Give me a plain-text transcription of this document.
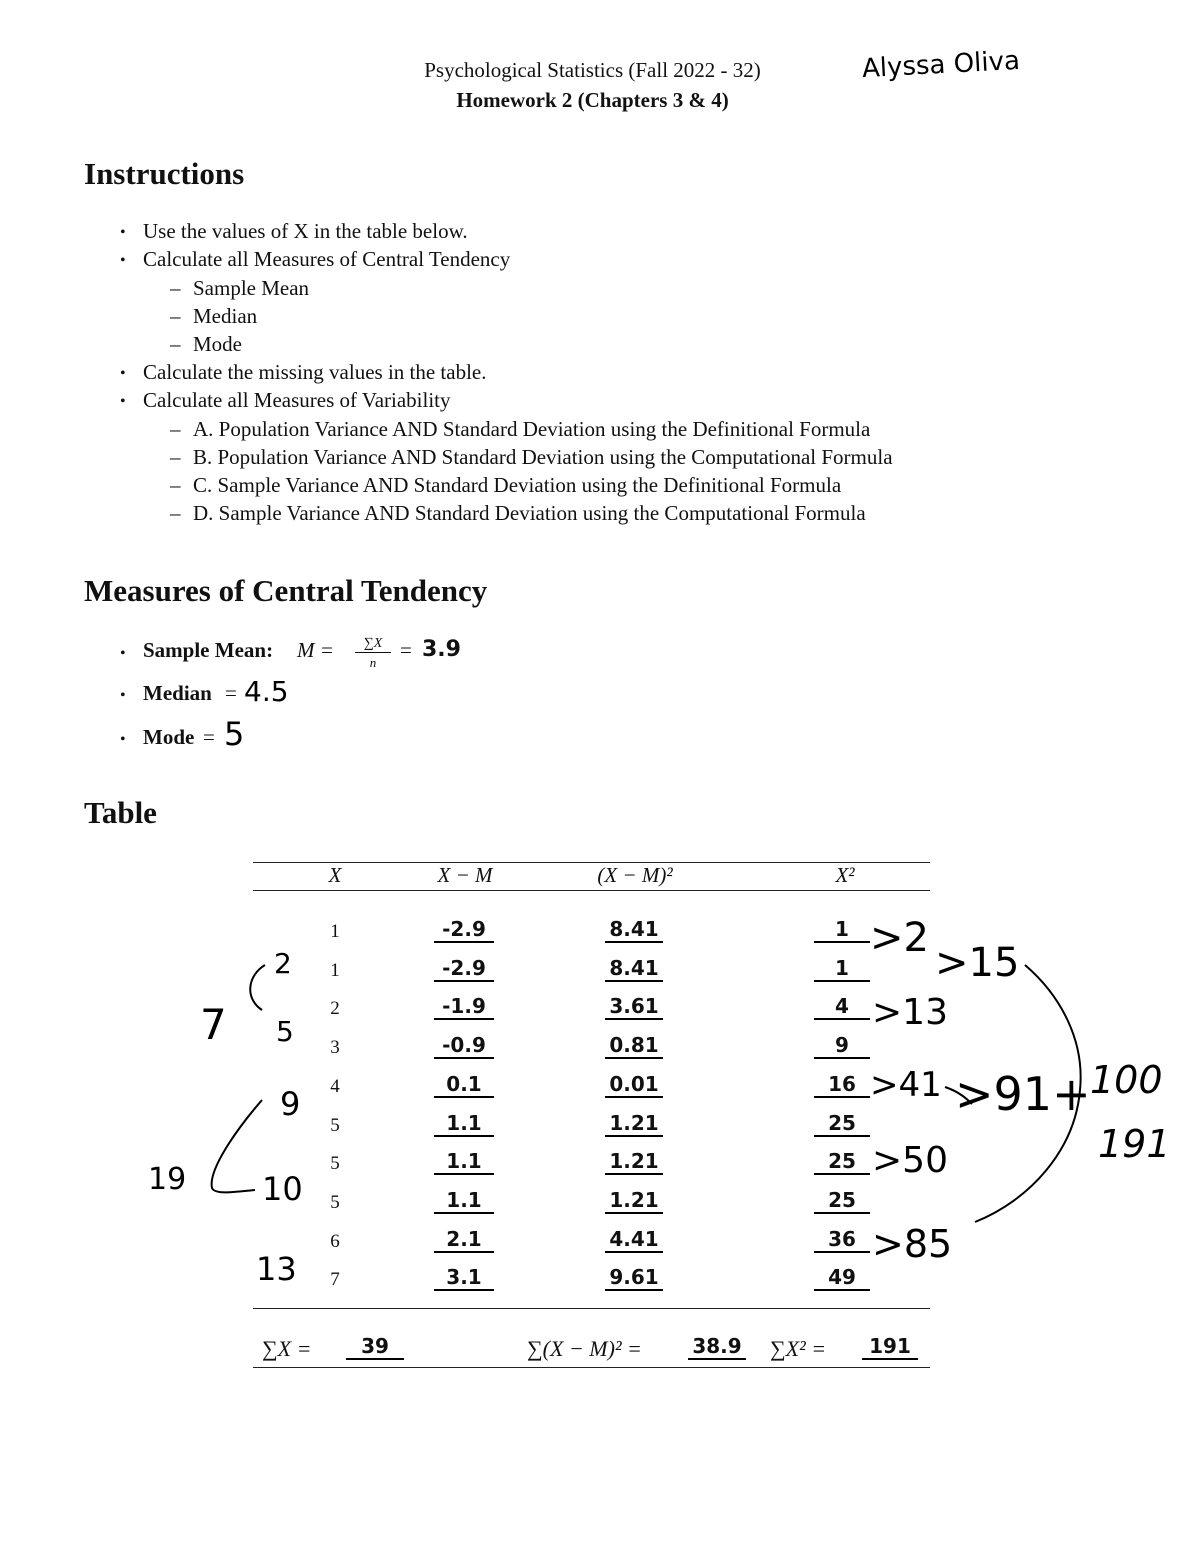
Psychological Statistics (Fall 2022 - 32)
Homework 2 (Chapters 3 & 4)
Alyssa Oliva
Instructions
• Use the values of X in the table below.
• Calculate all Measures of Central Tendency
– Sample Mean
– Median
– Mode
• Calculate the missing values in the table.
• Calculate all Measures of Variability
– A. Population Variance AND Standard Deviation using the Definitional Formula
– B. Population Variance AND Standard Deviation using the Computational Formula
– C. Sample Variance AND Standard Deviation using the Definitional Formula
– D. Sample Variance AND Standard Deviation using the Computational Formula
Measures of Central Tendency
• Sample Mean: M =	∑X
n
= 3.9
• Median = 4.5
• Mode = 5
Table
X	X − M	(X − M)²	X²
1	-2.9	8.41	1
1	-2.9	8.41	1
2	-1.9	3.61	4
3	-0.9	0.81	9
4	0.1	0.01	16
5	1.1	1.21	25
5	1.1	1.21	25
5	1.1	1.21	25
6	2.1	4.41	36
7	3.1	9.61	49
∑X =	39	∑(X − M)² =	38.9 ∑X² =	191
2
5
7
9
10
19
13
>2
>15
>13
>41 >91+ 100
191
>50
>85
